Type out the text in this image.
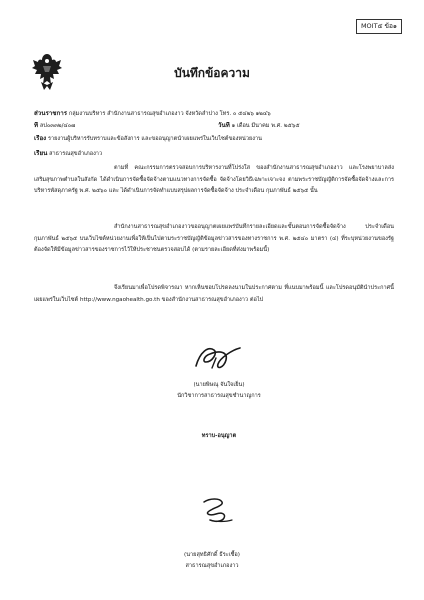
MOIT๕ ข้อ๑
บันทึกข้อความ
ส่วนราชการ กลุ่มงานบริหาร สำนักงานสาธารณสุขอำเภองาว จังหวัดลำปาง โทร. ๐ ๕๔๒๖ ๑๒๔๖
ที่ ลป๐๓๓๒/๔๐๗	วันที่ ๑ เดือน มีนาคม พ.ศ. ๒๕๖๕
เรื่อง รายงานผู้บริหารรับทราบและข้อสั่งการ และขออนุญาตนำเผยแพร่ในเว็บไซต์ของหน่วยงาน
เรียน สาธารณสุขอำเภองาว

ตามที่ คณะกรรมการตรวจสอบการบริหารงานที่โปร่งใส ของสำนักงานสาธารณสุขอำเภองาว และโรงพยาบาลส่งเสริมสุขภาพตำบลในสังกัด ได้ดำเนินการจัดซื้อจัดจ้างตามแนวทางการจัดซื้อ จัดจ้างโดยวิธีเฉพาะเจาะจง ตามพระราชบัญญัติการจัดซื้อจัดจ้างและการบริหารพัสดุภาครัฐ พ.ศ. ๒๕๖๐ และ ได้ดำเนินการจัดทำแบบสรุปผลการจัดซื้อจัดจ้าง ประจำเดือน กุมภาพันธ์ ๒๕๖๕ นั้น

สำนักงานสาธารณสุขอำเภองาวขออนุญาตเผยแพร่บันทึกรายละเอียดและขั้นตอนการจัดซื้อจัดจ้าง ประจำเดือน กุมภาพันธ์ ๒๕๖๕ บนเว็บไซต์หน่วยงานเพื่อให้เป็นไปตามระราชบัญญัติข้อมูลข่าวสารของทางราชการ พ.ศ. ๒๕๔๐ มาตรา (๔) ที่ระบุหน่วยงานของรัฐต้องจัดให้มีข้อมูลข่าวสารของราชการไว้ให้ประชาชนตรวจสอบได้ (ตามรายละเอียดที่ส่งมาพร้อมนี้)

จึงเรียนมาเพื่อโปรดพิจารณา หากเห็นชอบโปรดลงนามในประกาศตาม ที่แนบมาพร้อมนี้ และโปรดอนุมัตินำประกาศนี้เผยแพร่ในเว็บไซต์ http://www.ngaohealth.go.th ของสำนักงานสาธารณสุขอำเภองาว ต่อไป

(นายพิษณุ จันใจเย็น)
นักวิชาการสาธารณสุขชำนาญการ
ทราบ-อนุญาต
(นายสุทธิศักดิ์ ธีระเชื้อ)
สาธารณสุขอำเภองาว
